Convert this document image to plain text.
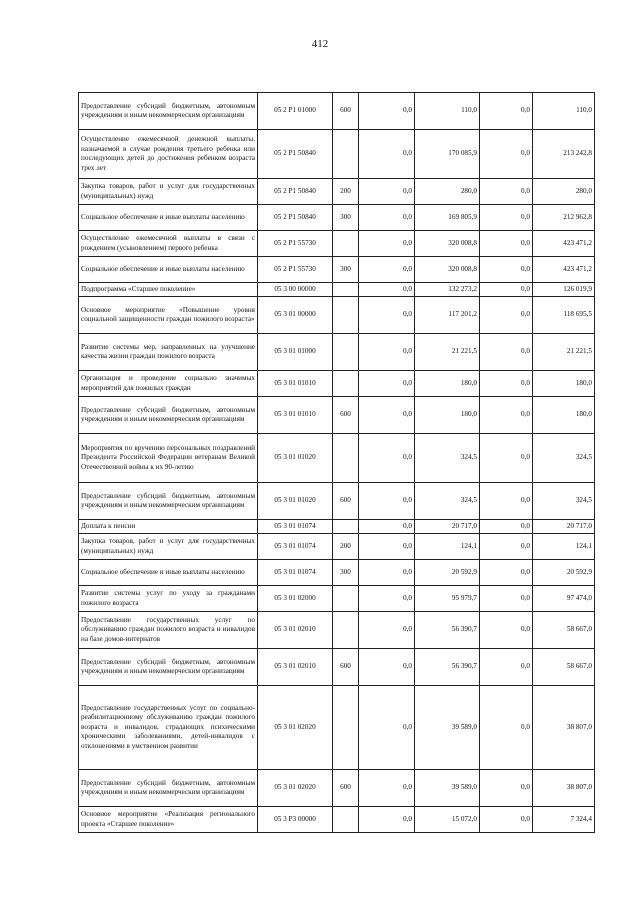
412
Предоставление субсидий бюджетным, автономным учреждениям и иным некоммерческим организациям	05 2 P1 01000	600	0,0	110,0	0,0	110,0
Осуществление ежемесячной денежной выплаты, назначаемой в случае рождения третьего ребенка или последующих детей до достижения ребенком возраста трех лет	05 2 P1 50840		0,0	170 085,9	0,0	213 242,8
Закупка товаров, работ и услуг для государственных (муниципальных) нужд	05 2 P1 50840	200	0,0	280,0	0,0	280,0
Социальное обеспечение и иные выплаты населению	05 2 P1 50840	300	0,0	169 805,9	0,0	212 962,8
Осуществление ежемесячной выплаты в связи с рождением (усыновлением) первого ребенка	05 2 P1 55730		0,0	320 008,8	0,0	423 471,2
Социальное обеспечение и иные выплаты населению	05 2 P1 55730	300	0,0	320 008,8	0,0	423 471,2
Подпрограмма «Старшее поколение»	05 3 00 00000		0,0	132 273,2	0,0	126 019,9
Основное мероприятие «Повышение уровня социальной защищенности граждан пожилого возраста»	05 3 01 00000		0,0	117 201,2	0,0	118 695,5
Развитие системы мер, направленных на улучшение качества жизни граждан пожилого возраста	05 3 01 01000		0,0	21 221,5	0,0	21 221,5
Организация и проведение социально значимых мероприятий для пожилых граждан	05 3 01 01010		0,0	180,0	0,0	180,0
Предоставление субсидий бюджетным, автономным учреждениям и иным некоммерческим организациям	05 3 01 01010	600	0,0	180,0	0,0	180,0
Мероприятия по вручению персональных поздравлений Президента Российской Федерации ветеранам Великой Отечественной войны к их 90-летию	05 3 01 01020		0,0	324,5	0,0	324,5
Предоставление субсидий бюджетным, автономным учреждениям и иным некоммерческим организациям	05 3 01 01020	600	0,0	324,5	0,0	324,5
Доплата к пенсии	05 3 01 01074		0,0	20 717,0	0,0	20 717,0
Закупка товаров, работ и услуг для государственных (муниципальных) нужд	05 3 01 01074	200	0,0	124,1	0,0	124,1
Социальное обеспечение и иные выплаты населению	05 3 01 01074	300	0,0	20 592,9	0,0	20 592,9
Развитие системы услуг по уходу за гражданами пожилого возраста	05 3 01 02000		0,0	95 979,7	0,0	97 474,0
Предоставление государственных услуг по обслуживанию граждан пожилого возраста и инвалидов на базе домов-интернатов	05 3 01 02010		0,0	56 390,7	0,0	58 667,0
Предоставление субсидий бюджетным, автономным учреждениям и иным некоммерческим организациям	05 3 01 02010	600	0,0	56 390,7	0,0	58 667,0
Предоставление государственных услуг по социально-реабилитационному обслуживанию граждан пожилого возраста и инвалидов, страдающих психическими хроническими заболеваниями, детей-инвалидов с отклонениями в умственном развитии	05 3 01 02020		0,0	39 589,0	0,0	38 807,0
Предоставление субсидий бюджетным, автономным учреждениям и иным некоммерческим организациям	05 3 01 02020	600	0,0	39 589,0	0,0	38 807,0
Основное мероприятие «Реализация регионального проекта «Старшее поколение»	05 3 P3 00000		0,0	15 072,0	0,0	7 324,4
